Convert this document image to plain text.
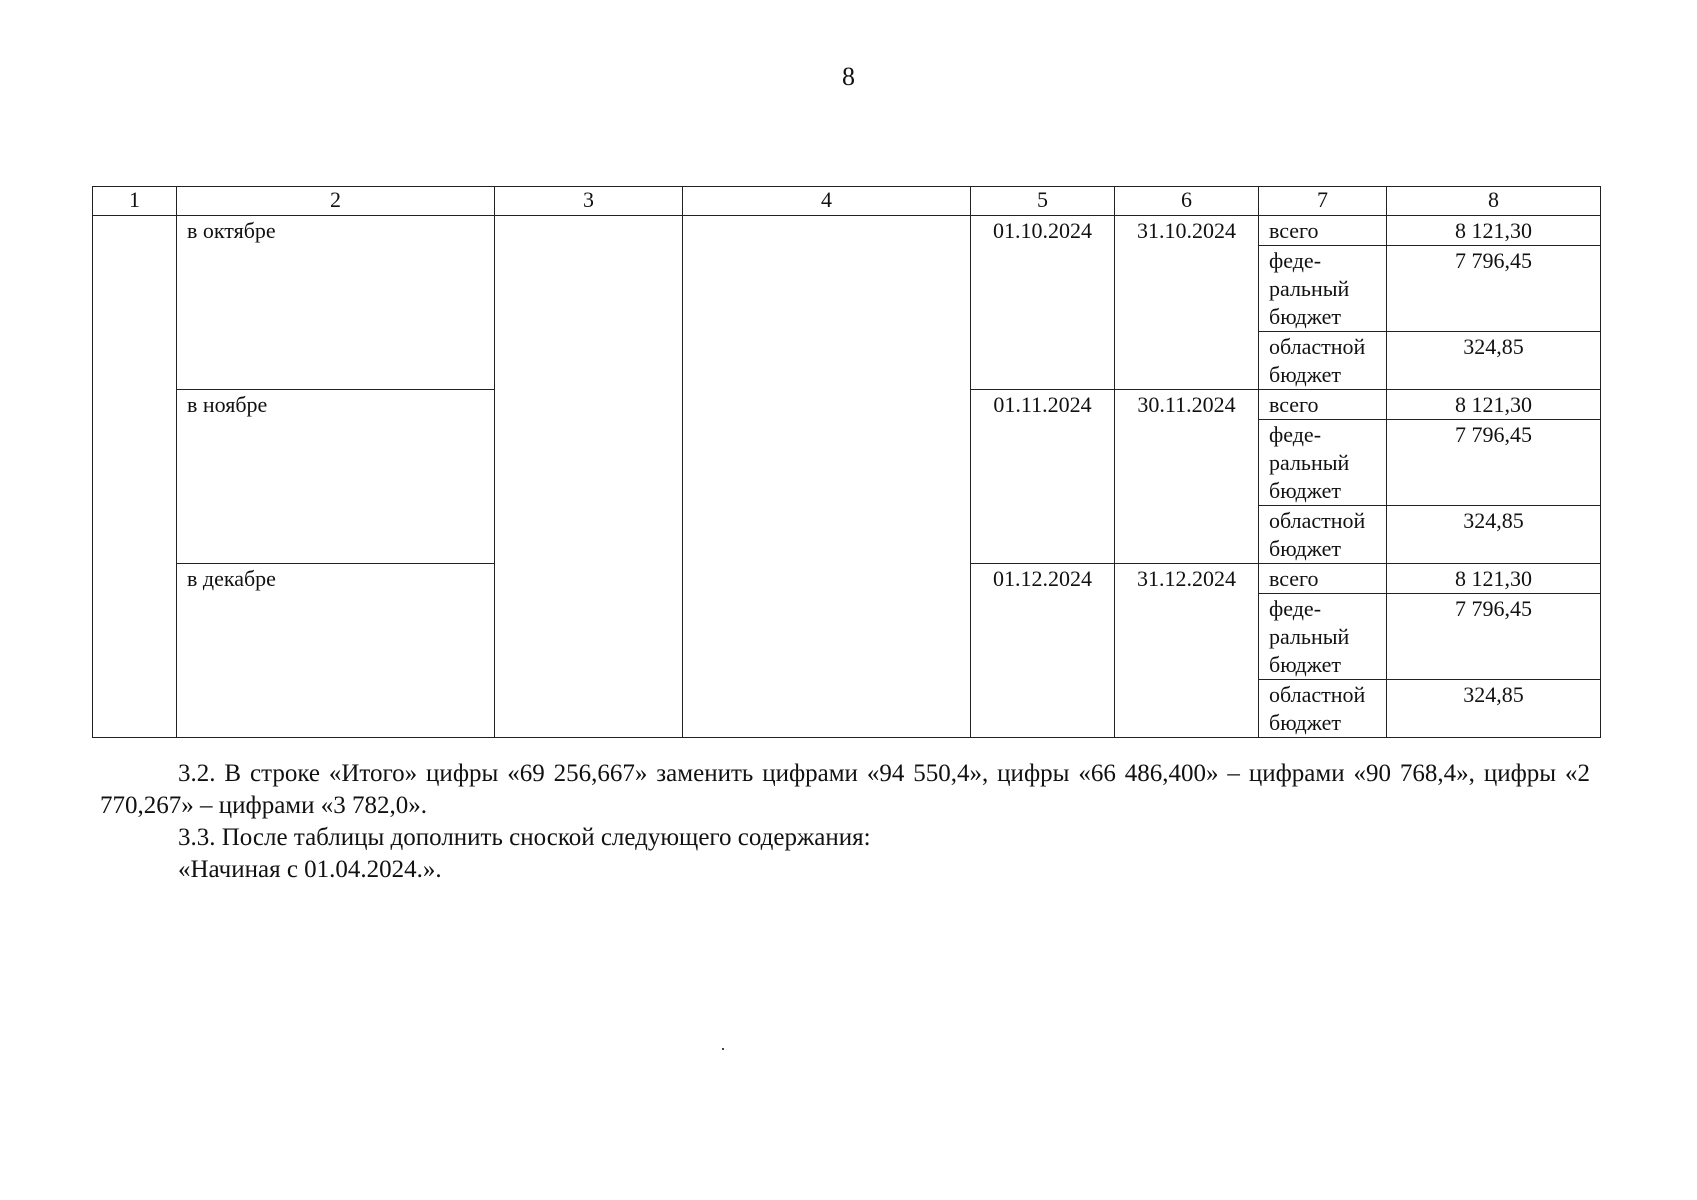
8
1	2	3	4	5	6	7	8
	в октябре			01.10.2024	31.10.2024	всего	8 121,30
						феде-
ральный
бюджет	7 796,45
						областной
бюджет	324,85
	в ноябре			01.11.2024	30.11.2024	всего	8 121,30
						феде-
ральный
бюджет	7 796,45
						областной
бюджет	324,85
	в декабре			01.12.2024	31.12.2024	всего	8 121,30
						феде-
ральный
бюджет	7 796,45
						областной
бюджет	324,85

3.2. В строке «Итого» цифры «69 256,667» заменить цифрами «94 550,4», цифры «66 486,400» – цифрами «90 768,4», цифры «2 770,267» – цифрами «3 782,0».

3.3. После таблицы дополнить сноской следующего содержания:

«Начиная с 01.04.2024.».
